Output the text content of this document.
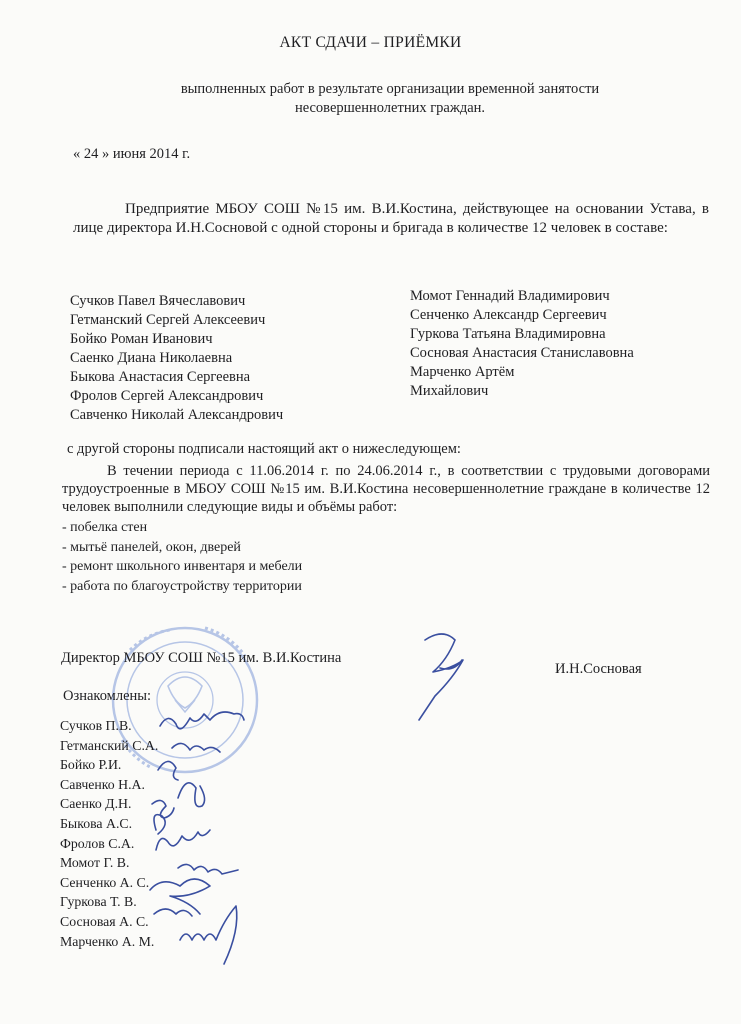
АКТ СДАЧИ – ПРИЁМКИ
выполненных работ в результате организации временной занятости несовершеннолетних граждан.
« 24 » июня 2014 г.
Предприятие МБОУ СОШ №15 им. В.И.Костина, действующее на основании Устава, в лице директора И.Н.Сосновой с одной стороны и бригада в количестве 12 человек в составе:
Сучков Павел Вячеславович
Гетманский Сергей Алексеевич
Бойко Роман Иванович
Саенко Диана Николаевна
Быкова Анастасия Сергеевна
Фролов Сергей Александрович
Савченко Николай Александрович
Момот Геннадий Владимирович
Сенченко Александр Сергеевич
Гуркова Татьяна Владимировна
Сосновая Анастасия Станиславовна
Марченко Артём
Михайлович
с другой стороны подписали настоящий акт о нижеследующем:
В течении периода с 11.06.2014 г. по 24.06.2014 г., в соответствии с трудовыми договорами трудоустроенные в МБОУ СОШ №15 им. В.И.Костина несовершеннолетние граждане в количестве 12 человек выполнили следующие виды и объёмы работ:
- побелка стен
- мытьё панелей, окон, дверей
- ремонт школьного инвентаря и мебели
- работа по благоустройству территории
Директор МБОУ СОШ №15 им. В.И.Костина
И.Н.Сосновая
Ознакомлены:
Сучков П.В.
Гетманский С.А.
Бойко Р.И.
Савченко Н.А.
Саенко Д.Н.
Быкова А.С.
Фролов С.А.
Момот Г. В.
Сенченко А. С.
Гуркова Т. В.
Сосновая А. С.
Марченко А. М.
